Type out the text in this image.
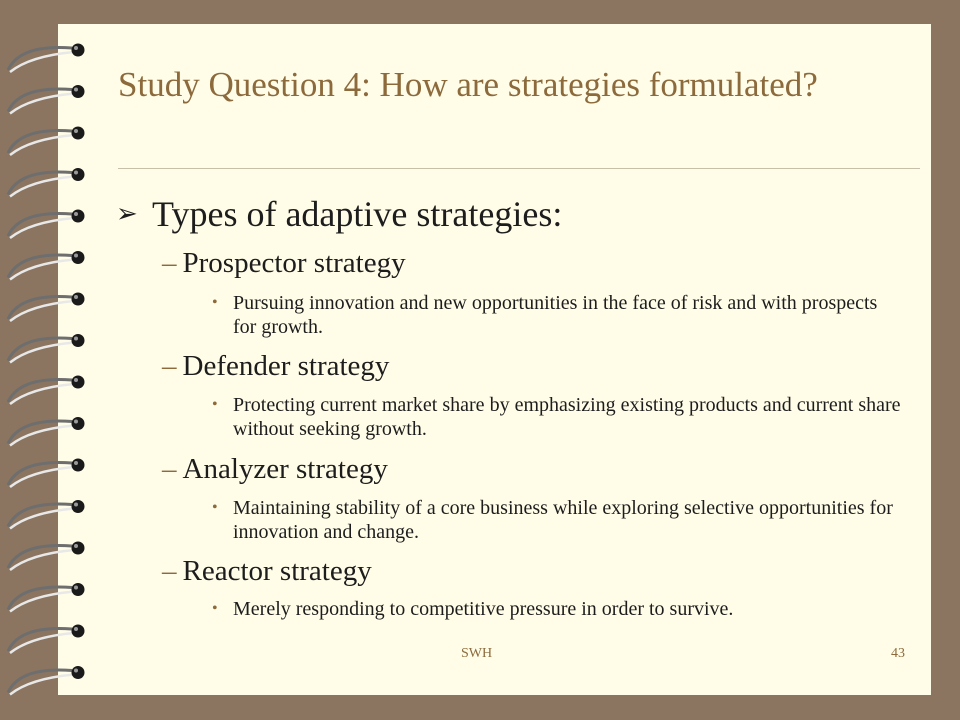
Study Question 4: How are strategies formulated?
➢ Types of adaptive strategies:
– Prospector strategy
• Pursuing innovation and new opportunities in the face of risk and with prospects for growth.
– Defender strategy
• Protecting current market share by emphasizing existing products and current share without seeking growth.
– Analyzer strategy
• Maintaining stability of a core business while exploring selective opportunities for innovation and change.
– Reactor strategy
• Merely responding to competitive pressure in order to survive.
SWH	43
